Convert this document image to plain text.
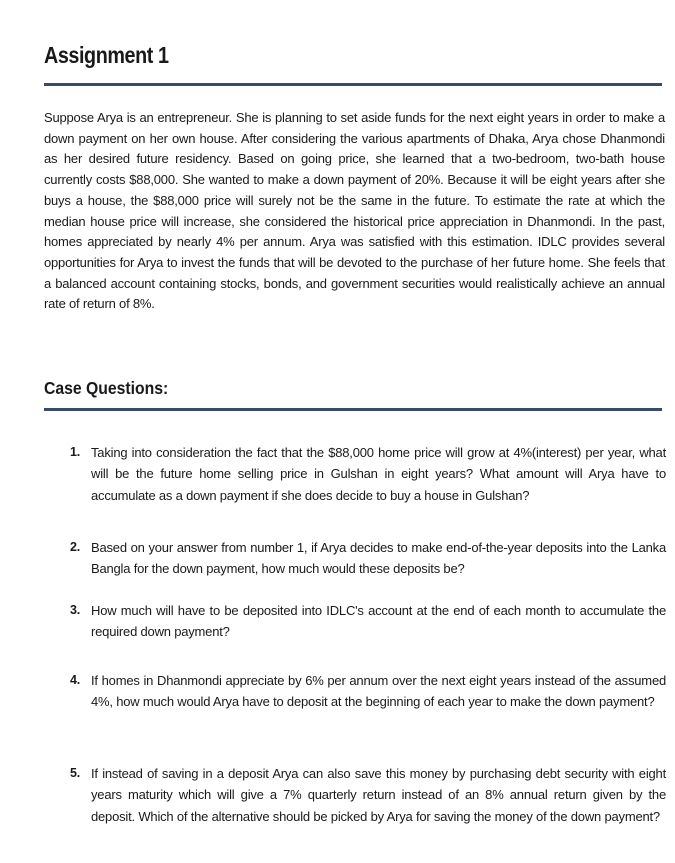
Assignment 1

Suppose Arya is an entrepreneur. She is planning to set aside funds for the next eight years in order to make a down payment on her own house. After considering the various apartments of Dhaka, Arya chose Dhanmondi as her desired future residency. Based on going price, she learned that a two-bedroom, two-bath house currently costs $88,000. She wanted to make a down payment of 20%. Because it will be eight years after she buys a house, the $88,000 price will surely not be the same in the future. To estimate the rate at which the median house price will increase, she considered the historical price appreciation in Dhanmondi. In the past, homes appreciated by nearly 4% per annum. Arya was satisfied with this estimation. IDLC provides several opportunities for Arya to invest the funds that will be devoted to the purchase of her future home. She feels that a balanced account containing stocks, bonds, and government securities would realistically achieve an annual rate of return of 8%.

Case Questions:
1. Taking into consideration the fact that the $88,000 home price will grow at 4%(interest) per year, what will be the future home selling price in Gulshan in eight years? What amount will Arya have to accumulate as a down payment if she does decide to buy a house in Gulshan?
2. Based on your answer from number 1, if Arya decides to make end-of-the-year deposits into the Lanka Bangla for the down payment, how much would these deposits be?
3. How much will have to be deposited into IDLC's account at the end of each month to accumulate the required down payment?
4. If homes in Dhanmondi appreciate by 6% per annum over the next eight years instead of the assumed 4%, how much would Arya have to deposit at the beginning of each year to make the down payment?
5. If instead of saving in a deposit Arya can also save this money by purchasing debt security with eight years maturity which will give a 7% quarterly return instead of an 8% annual return given by the deposit. Which of the alternative should be picked by Arya for saving the money of the down payment?
